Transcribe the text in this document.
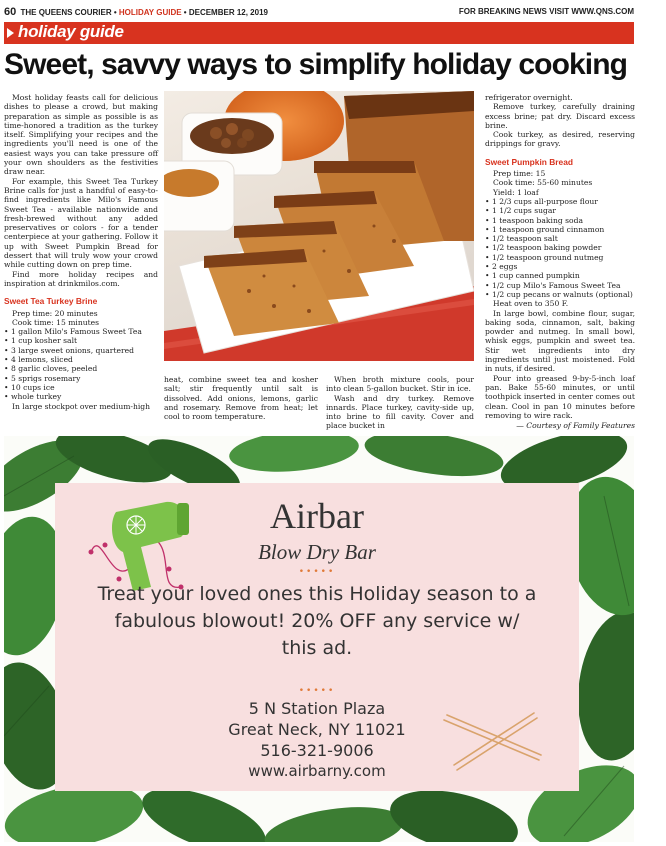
60 THE QUEENS COURIER • HOLIDAY GUIDE • DECEMBER 12, 2019	FOR BREAKING NEWS VISIT WWW.QNS.COM
holiday guide
Sweet, savvy ways to simplify holiday cooking

Most holiday feasts call for delicious dishes to please a crowd, but making preparation as simple as possible is as time-honored a tradition as the turkey itself. Simplifying your recipes and the ingredients you'll need is one of the easiest ways you can take pressure off your own shoulders as the festivities draw near.

For example, this Sweet Tea Turkey Brine calls for just a handful of easy-to-find ingredients like Milo's Famous Sweet Tea - available nationwide and fresh-brewed without any added preservatives or colors - for a tender centerpiece at your gathering. Follow it up with Sweet Pumpkin Bread for dessert that will truly wow your crowd while cutting down on prep time.

Find more holiday recipes and inspiration at drinkmilos.com.

Sweet Tea Turkey Brine
Prep time: 20 minutes
Cook time: 15 minutes
• 1 gallon Milo's Famous Sweet Tea
• 1 cup kosher salt
• 3 large sweet onions, quartered
• 4 lemons, sliced
• 8 garlic cloves, peeled
• 5 sprigs rosemary
• 10 cups ice
• whole turkey

In large stockpot over medium-high

heat, combine sweet tea and kosher salt; stir frequently until salt is dissolved. Add onions, lemons, garlic and rosemary. Remove from heat; let cool to room temperature.

When broth mixture cools, pour into clean 5-gallon bucket. Stir in ice.

Wash and dry turkey. Remove innards. Place turkey, cavity-side up, into brine to fill cavity. Cover and place bucket in

refrigerator overnight.

Remove turkey, carefully draining excess brine; pat dry. Discard excess brine.

Cook turkey, as desired, reserving drippings for gravy.

Sweet Pumpkin Bread
Prep time: 15
Cook time: 55-60 minutes
Yield: 1 loaf
• 1 2/3 cups all-purpose flour
• 1 1/2 cups sugar
• 1 teaspoon baking soda
• 1 teaspoon ground cinnamon
• 1/2 teaspoon salt
• 1/2 teaspoon baking powder
• 1/2 teaspoon ground nutmeg
• 2 eggs
• 1 cup canned pumpkin
• 1/2 cup Milo's Famous Sweet Tea
• 1/2 cup pecans or walnuts (optional)
Heat oven to 350 F.

In large bowl, combine flour, sugar, baking soda, cinnamon, salt, baking powder and nutmeg. In small bowl, whisk eggs, pumpkin and sweet tea. Stir wet ingredients into dry ingredients until just moistened. Fold in nuts, if desired.

Pour into greased 9-by-5-inch loaf pan. Bake 55-60 minutes, or until toothpick inserted in center comes out clean. Cool in pan 10 minutes before removing to wire rack.

— Courtesy of Family Features
Airbar
Blow Dry Bar
•••••
Treat your loved ones this Holiday season to a fabulous blowout! 20% OFF any service w/ this ad.
•••••
5 N Station Plaza
Great Neck, NY 11021
516-321-9006
www.airbarny.com
